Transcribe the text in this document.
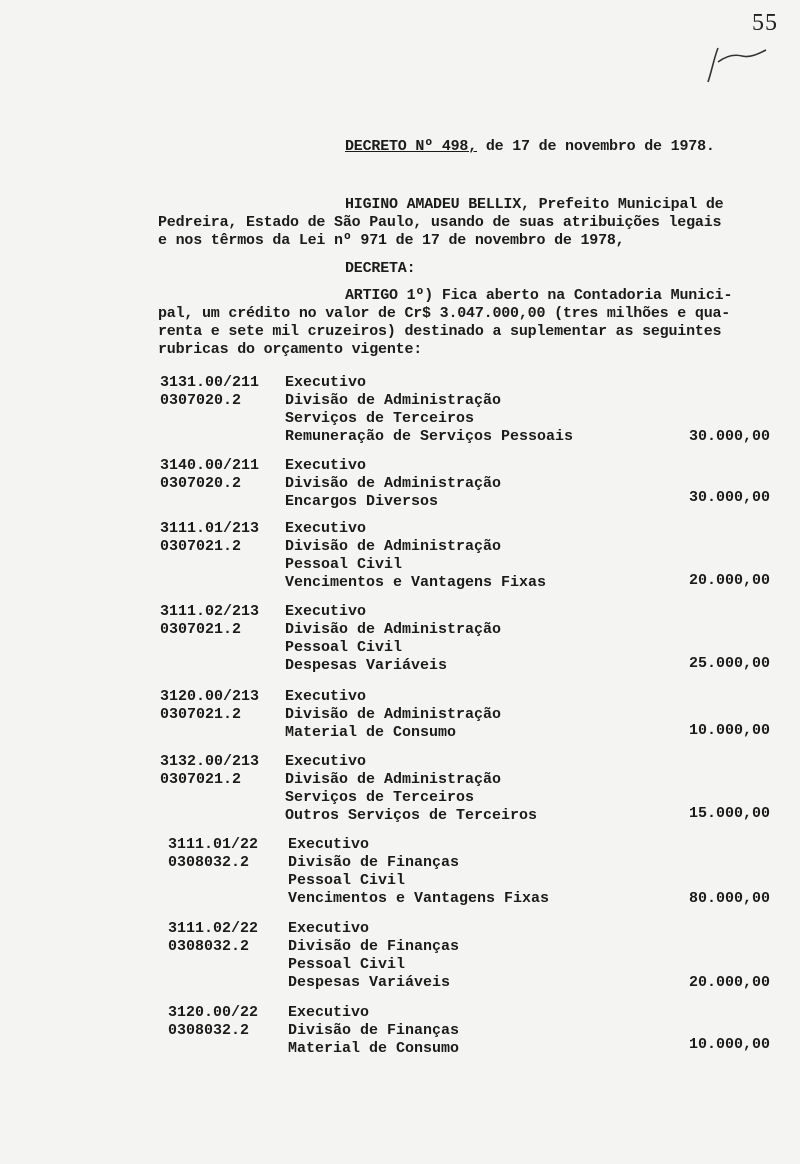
55
DECRETO Nº 498, de 17 de novembro de 1978.
HIGINO AMADEU BELLIX, Prefeito Municipal de
Pedreira, Estado de São Paulo, usando de suas atribuições legais
e nos têrmos da Lei nº 971 de 17 de novembro de 1978,
DECRETA:
ARTIGO 1º) Fica aberto na Contadoria Munici-
pal, um crédito no valor de Cr$ 3.047.000,00 (tres milhões e qua-
renta e sete mil cruzeiros) destinado a suplementar as seguintes
rubricas do orçamento vigente:
3131.00/211
0307020.2
Executivo
Divisão de Administração
Serviços de Terceiros
Remuneração de Serviços Pessoais	30.000,00
3140.00/211
0307020.2
Executivo
Divisão de Administração
Encargos Diversos	30.000,00
3111.01/213
0307021.2
Executivo
Divisão de Administração
Pessoal Civil
Vencimentos e Vantagens Fixas	20.000,00
3111.02/213
0307021.2
Executivo
Divisão de Administração
Pessoal Civil
Despesas Variáveis	25.000,00
3120.00/213
0307021.2
Executivo
Divisão de Administração
Material de Consumo	10.000,00
3132.00/213
0307021.2
Executivo
Divisão de Administração
Serviços de Terceiros
Outros Serviços de Terceiros	15.000,00
3111.01/22
0308032.2
Executivo
Divisão de Finanças
Pessoal Civil
Vencimentos e Vantagens Fixas	80.000,00
3111.02/22
0308032.2
Executivo
Divisão de Finanças
Pessoal Civil
Despesas Variáveis	20.000,00
3120.00/22
0308032.2
Executivo
Divisão de Finanças
Material de Consumo	10.000,00
